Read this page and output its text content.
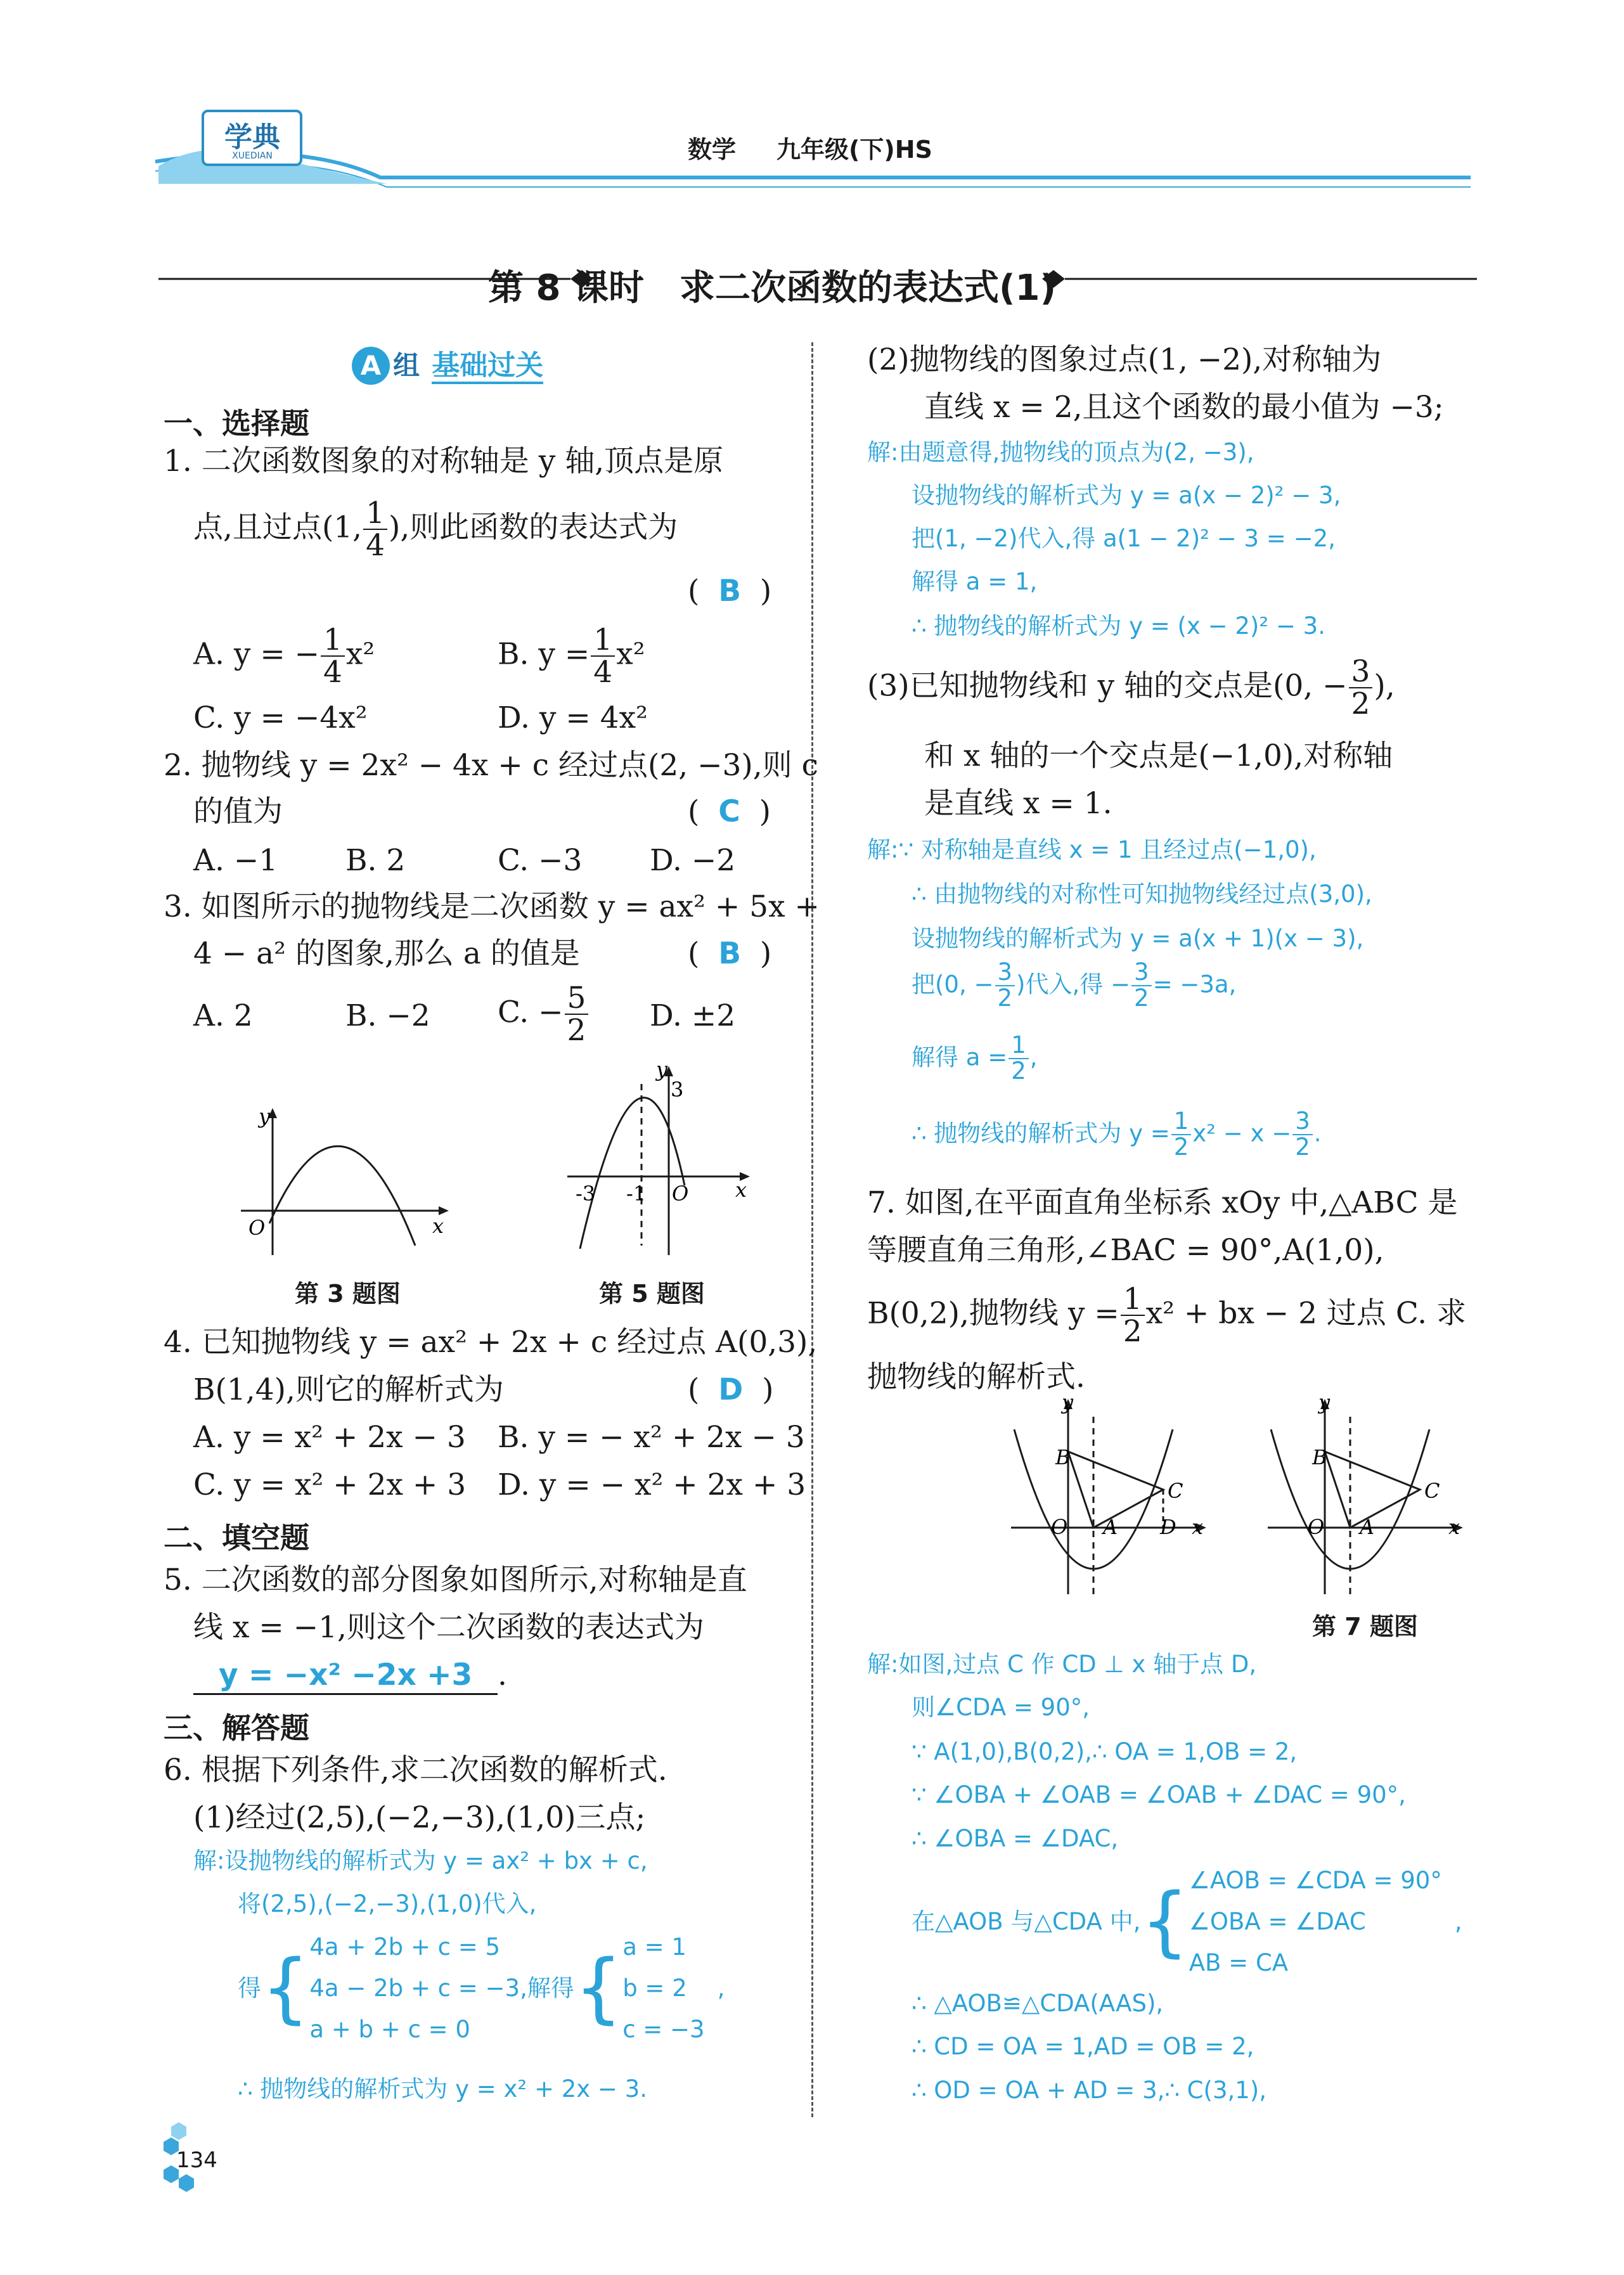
学典
XUEDIAN	数学 九年级(下)HS
第 8 课时　求二次函数的表达式(1)
A 组 基础过关
一、选择题
1. 二次函数图象的对称轴是 y 轴,顶点是原
点,且过点(1, $\frac{1}{4}$ ),则此函数的表达式为
(  B  )
A. y = − $\frac{1}{4} x^2$	B. $y = \frac{1}{4} x^2$
C. y = −4x²	D. y = 4x²
2. 抛物线 y = 2x² − 4x + c 经过点(2, −3),则 c
的值为	(  C  )
A. −1 B. 2	C. −3 D. −2
3. 如图所示的抛物线是二次函数 y = ax² + 5x +
4 − a² 的图象,那么 a 的值是	(  B  )
A. 2	B. −2 C. − $\frac{5}{2} D$. ±2
y
x
O
第 3 题图
y
3
x
O
-3 -1
第 5 题图
4. 已知抛物线 y = ax² + 2x + c 经过点 A(0,3),
B(1,4),则它的解析式为	(  D  )
A. y = x² + 2x − 3 B. y = − x² + 2x − 3
C. y = x² + 2x + 3 D. y = − x² + 2x + 3
二、填空题
5. 二次函数的部分图象如图所示,对称轴是直
线 x = −1,则这个二次函数的表达式为
y = −x² −2x +3 .
三、解答题
6. 根据下列条件,求二次函数的解析式.
(1)经过(2,5),(−2,−3),(1,0)三点;
解:设抛物线的解析式为 y = ax² + bx + c,
将(2,5),(−2,−3),(1,0)代入,
得 { 4a + 2b + c = 5
4a − 2b + c = −3
a + b + c = 0
,解得 { a = 1
b = 2
c = −3
,
∴ 抛物线的解析式为 y = x² + 2x − 3.
(2)抛物线的图象过点(1, −2),对称轴为
直线 x = 2,且这个函数的最小值为 −3;
解:由题意得,抛物线的顶点为(2, −3),
设抛物线的解析式为 y = a(x − 2)² − 3,
把(1, −2)代入,得 a(1 − 2)² − 3 = −2,
解得 a = 1,
∴ 抛物线的解析式为 y = (x − 2)² − 3.
(3)已知抛物线和 y 轴的交点是(0, − $\frac{3}{2}$ ),
和 x 轴的一个交点是(−1,0),对称轴
是直线 x = 1.
解:∵ 对称轴是直线 x = 1 且经过点(−1,0),
∴ 由抛物线的对称性可知抛物线经过点(3,0),
设抛物线的解析式为 y = a(x + 1)(x − 3),
把(0, − $\frac{3}{2}$ )代入,得 − $\frac{3}{2} = -3a$,
解得 $a = \frac{1}{2}$ ,
∴ 抛物线的解析式为 $y = \frac{1}{2} x^2 - x - \frac{3}{2}$ .
7. 如图,在平面直角坐标系 xOy 中,△ABC 是
等腰直角三角形,∠BAC = 90°,A(1,0),
B(0,2),抛物线 $y = \frac{1}{2} x^2$ + bx − 2 过点 C. 求
抛物线的解析式.
y
B
C
O A D x
y
B
C
O A	x
第 7 题图
解:如图,过点 C 作 CD ⊥ x 轴于点 D,
则∠CDA = 90°,
∵ A(1,0),B(0,2),∴ OA = 1,OB = 2,
∵ ∠OBA + ∠OAB = ∠OAB + ∠DAC = 90°,
∴ ∠OBA = ∠DAC,
在△AOB 与△CDA 中, { ∠AOB = ∠CDA = 90°
∠OBA = ∠DAC
AB = CA
,
∴ △AOB≌△CDA(AAS),
∴ CD = OA = 1,AD = OB = 2,
∴ OD = OA + AD = 3,∴ C(3,1),
134
